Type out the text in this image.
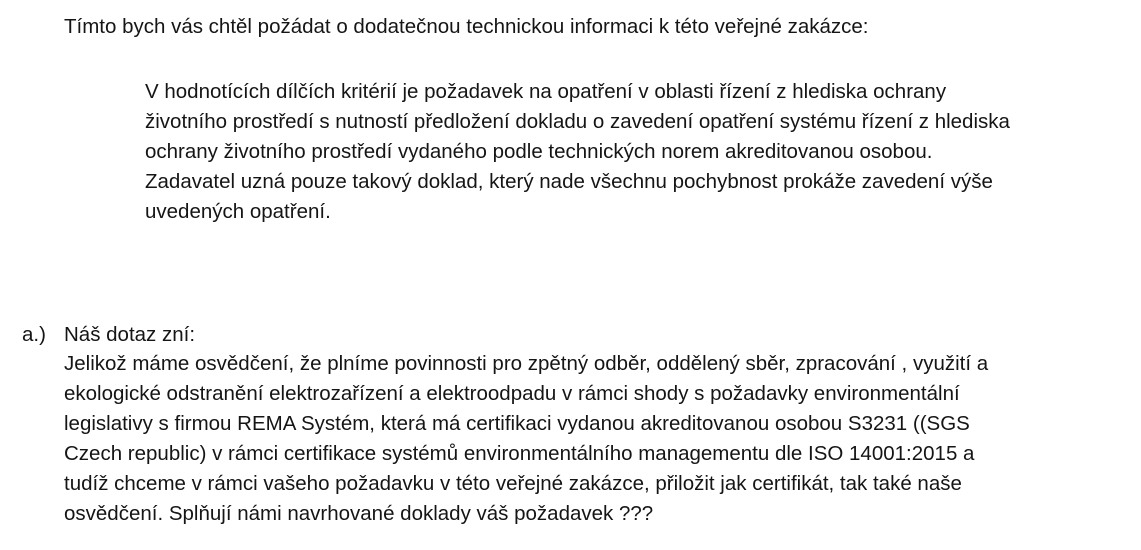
Tímto bych vás chtěl požádat o dodatečnou technickou informaci k této veřejné zakázce:
V hodnotících dílčích kritérií je požadavek na opatření v oblasti řízení z hlediska ochrany
životního prostředí s nutností předložení dokladu o zavedení opatření systému řízení z hlediska
ochrany životního prostředí vydaného podle technických norem akreditovanou osobou.
Zadavatel uzná pouze takový doklad, který nade všechnu pochybnost prokáže zavedení výše
uvedených opatření.
a.) Náš dotaz zní:
Jelikož máme osvědčení, že plníme povinnosti pro zpětný odběr, oddělený sběr, zpracování , využití a
ekologické odstranění elektrozařízení a elektroodpadu v rámci shody s požadavky environmentální
legislativy s firmou REMA Systém, která má certifikaci vydanou akreditovanou osobou S3231 ((SGS
Czech republic) v rámci certifikace systémů environmentálního managementu dle ISO 14001:2015 a
tudíž chceme v rámci vašeho požadavku v této veřejné zakázce, přiložit jak certifikát, tak také naše
osvědčení. Splňují námi navrhované doklady váš požadavek ???
